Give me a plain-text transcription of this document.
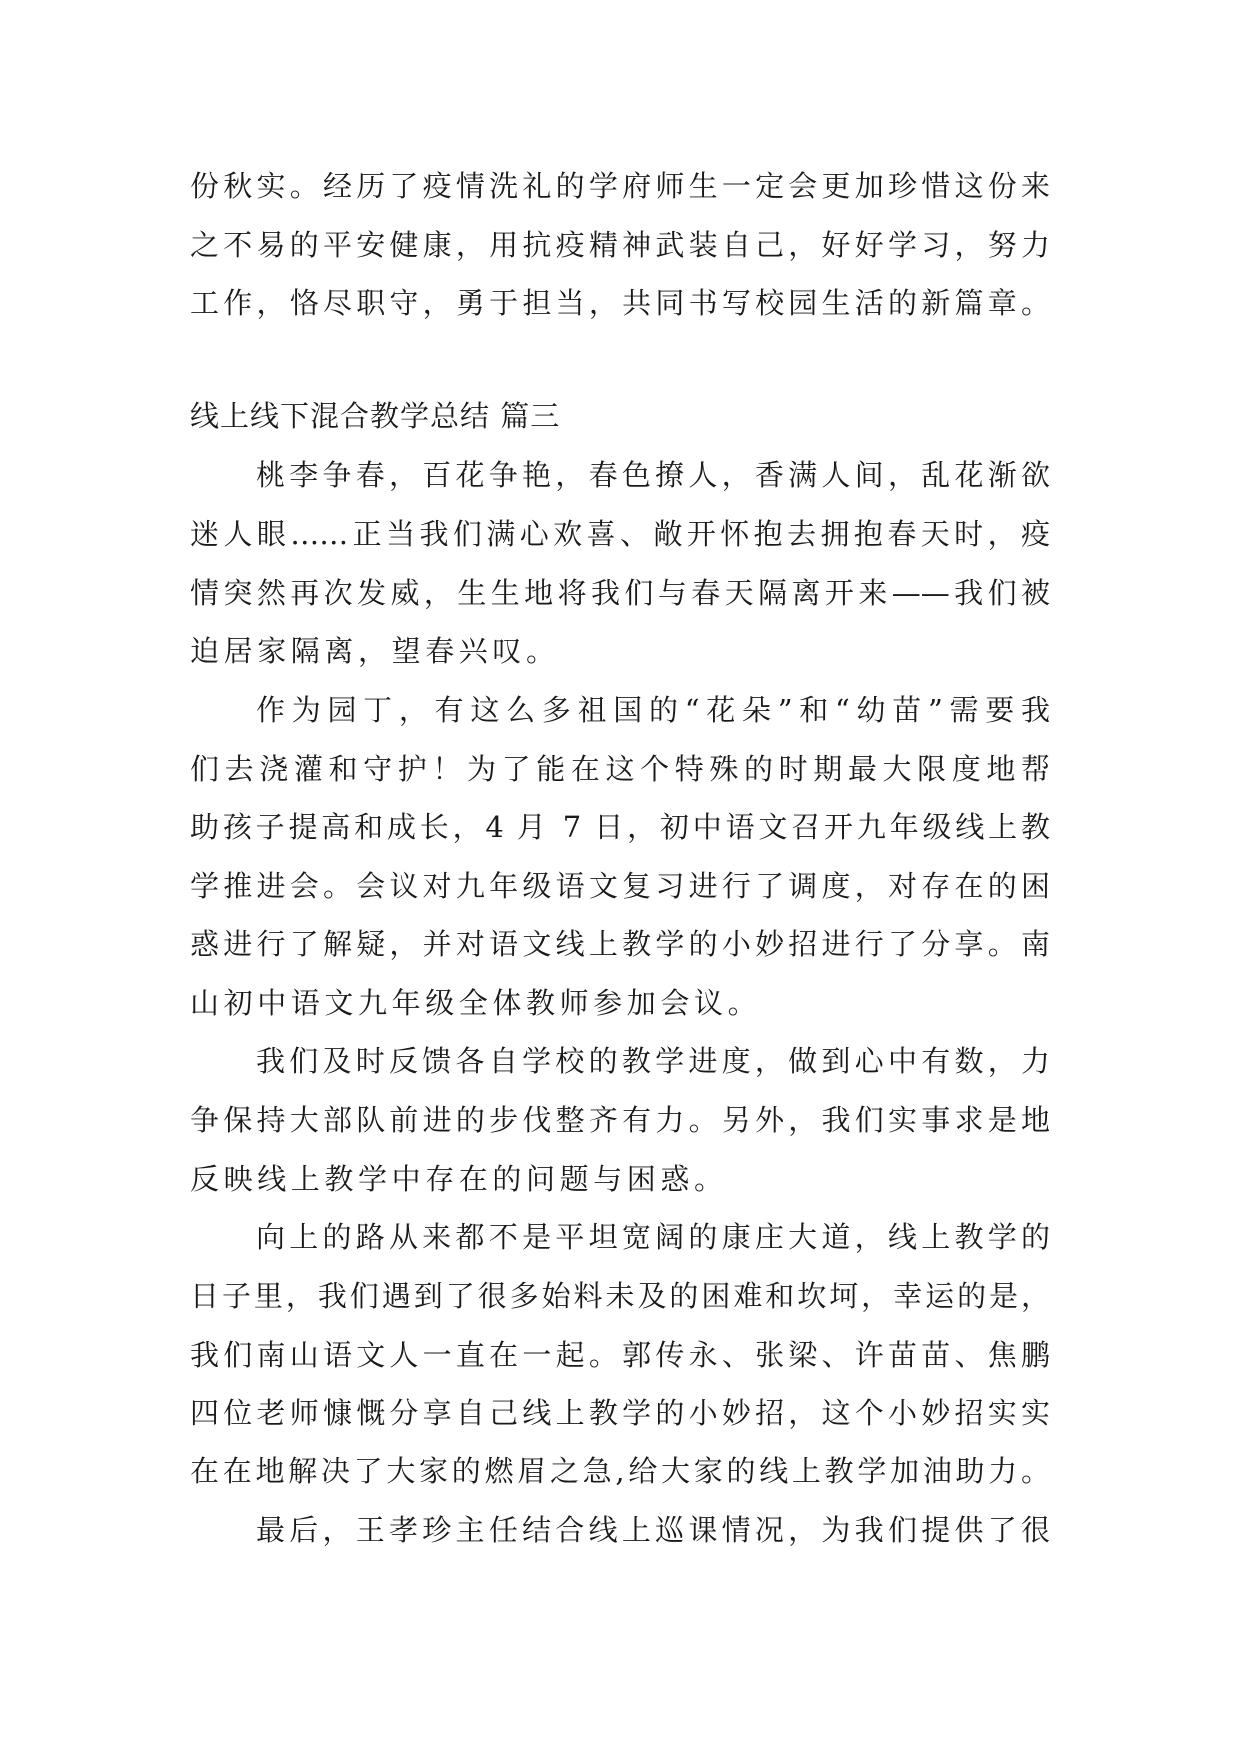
份秋实。经历了疫情洗礼的学府师生一定会更加珍惜这份来
之不易的平安健康，用抗疫精神武装自己，好好学习，努力
工作，恪尽职守，勇于担当，共同书写校园生活的新篇章。
线上线下混合教学总结 篇三
桃李争春，百花争艳，春色撩人，香满人间，乱花渐欲
迷人眼……正当我们满心欢喜、敞开怀抱去拥抱春天时，疫
情突然再次发威，生生地将我们与春天隔离开来——我们被
迫居家隔离，望春兴叹。
作为园丁，有这么多祖国的“花朵”和“幼苗”需要我
们去浇灌和守护！为了能在这个特殊的时期最大限度地帮
助孩子提高和成长，4 月 7 日，初中语文召开九年级线上教
学推进会。会议对九年级语文复习进行了调度，对存在的困
惑进行了解疑，并对语文线上教学的小妙招进行了分享。南
山初中语文九年级全体教师参加会议。
我们及时反馈各自学校的教学进度，做到心中有数，力
争保持大部队前进的步伐整齐有力。另外，我们实事求是地
反映线上教学中存在的问题与困惑。
向上的路从来都不是平坦宽阔的康庄大道，线上教学的
日子里，我们遇到了很多始料未及的困难和坎坷，幸运的是，
我们南山语文人一直在一起。郭传永、张梁、许苗苗、焦鹏
四位老师慷慨分享自己线上教学的小妙招，这个小妙招实实
在在地解决了大家的燃眉之急,给大家的线上教学加油助力。
最后，王孝珍主任结合线上巡课情况，为我们提供了很
